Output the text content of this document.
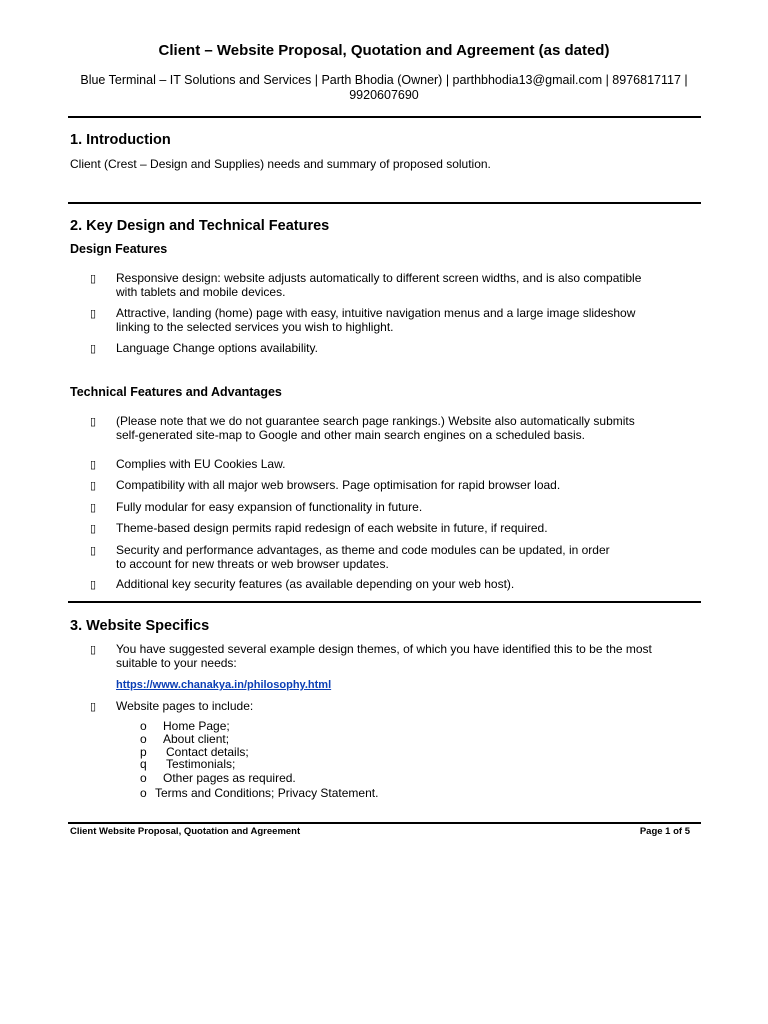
Client – Website Proposal, Quotation and Agreement (as dated)
Blue Terminal – IT Solutions and Services | Parth Bhodia (Owner) | parthbhodia13@gmail.com | 8976817117 |
9920607690
1. Introduction
Client (Crest – Design and Supplies) needs and summary of proposed solution.
2. Key Design and Technical Features
Design Features
▯	Responsive design: website adjusts automatically to different screen widths, and is also compatible
with tablets and mobile devices.
▯	Attractive, landing (home) page with easy, intuitive navigation menus and a large image slideshow
linking to the selected services you wish to highlight.
▯	Language Change options availability.
Technical Features and Advantages
▯	(Please note that we do not guarantee search page rankings.) Website also automatically submits
self-generated site-map to Google and other main search engines on a scheduled basis.
▯	Complies with EU Cookies Law.
▯	Compatibility with all major web browsers. Page optimisation for rapid browser load.
▯	Fully modular for easy expansion of functionality in future.
▯	Theme-based design permits rapid redesign of each website in future, if required.
▯	Security and performance advantages, as theme and code modules can be updated, in order
to account for new threats or web browser updates.
▯	Additional key security features (as available depending on your web host).
3. Website Specifics
▯	You have suggested several example design themes, of which you have identified this to be the most
suitable to your needs:
https://www.chanakya.in/philosophy.html
▯	Website pages to include:
o Home Page;
o About client;
p Contact details;
q Testimonials;
o Other pages as required.
o Terms and Conditions; Privacy Statement.
Client Website Proposal, Quotation and Agreement	Page 1 of 5
